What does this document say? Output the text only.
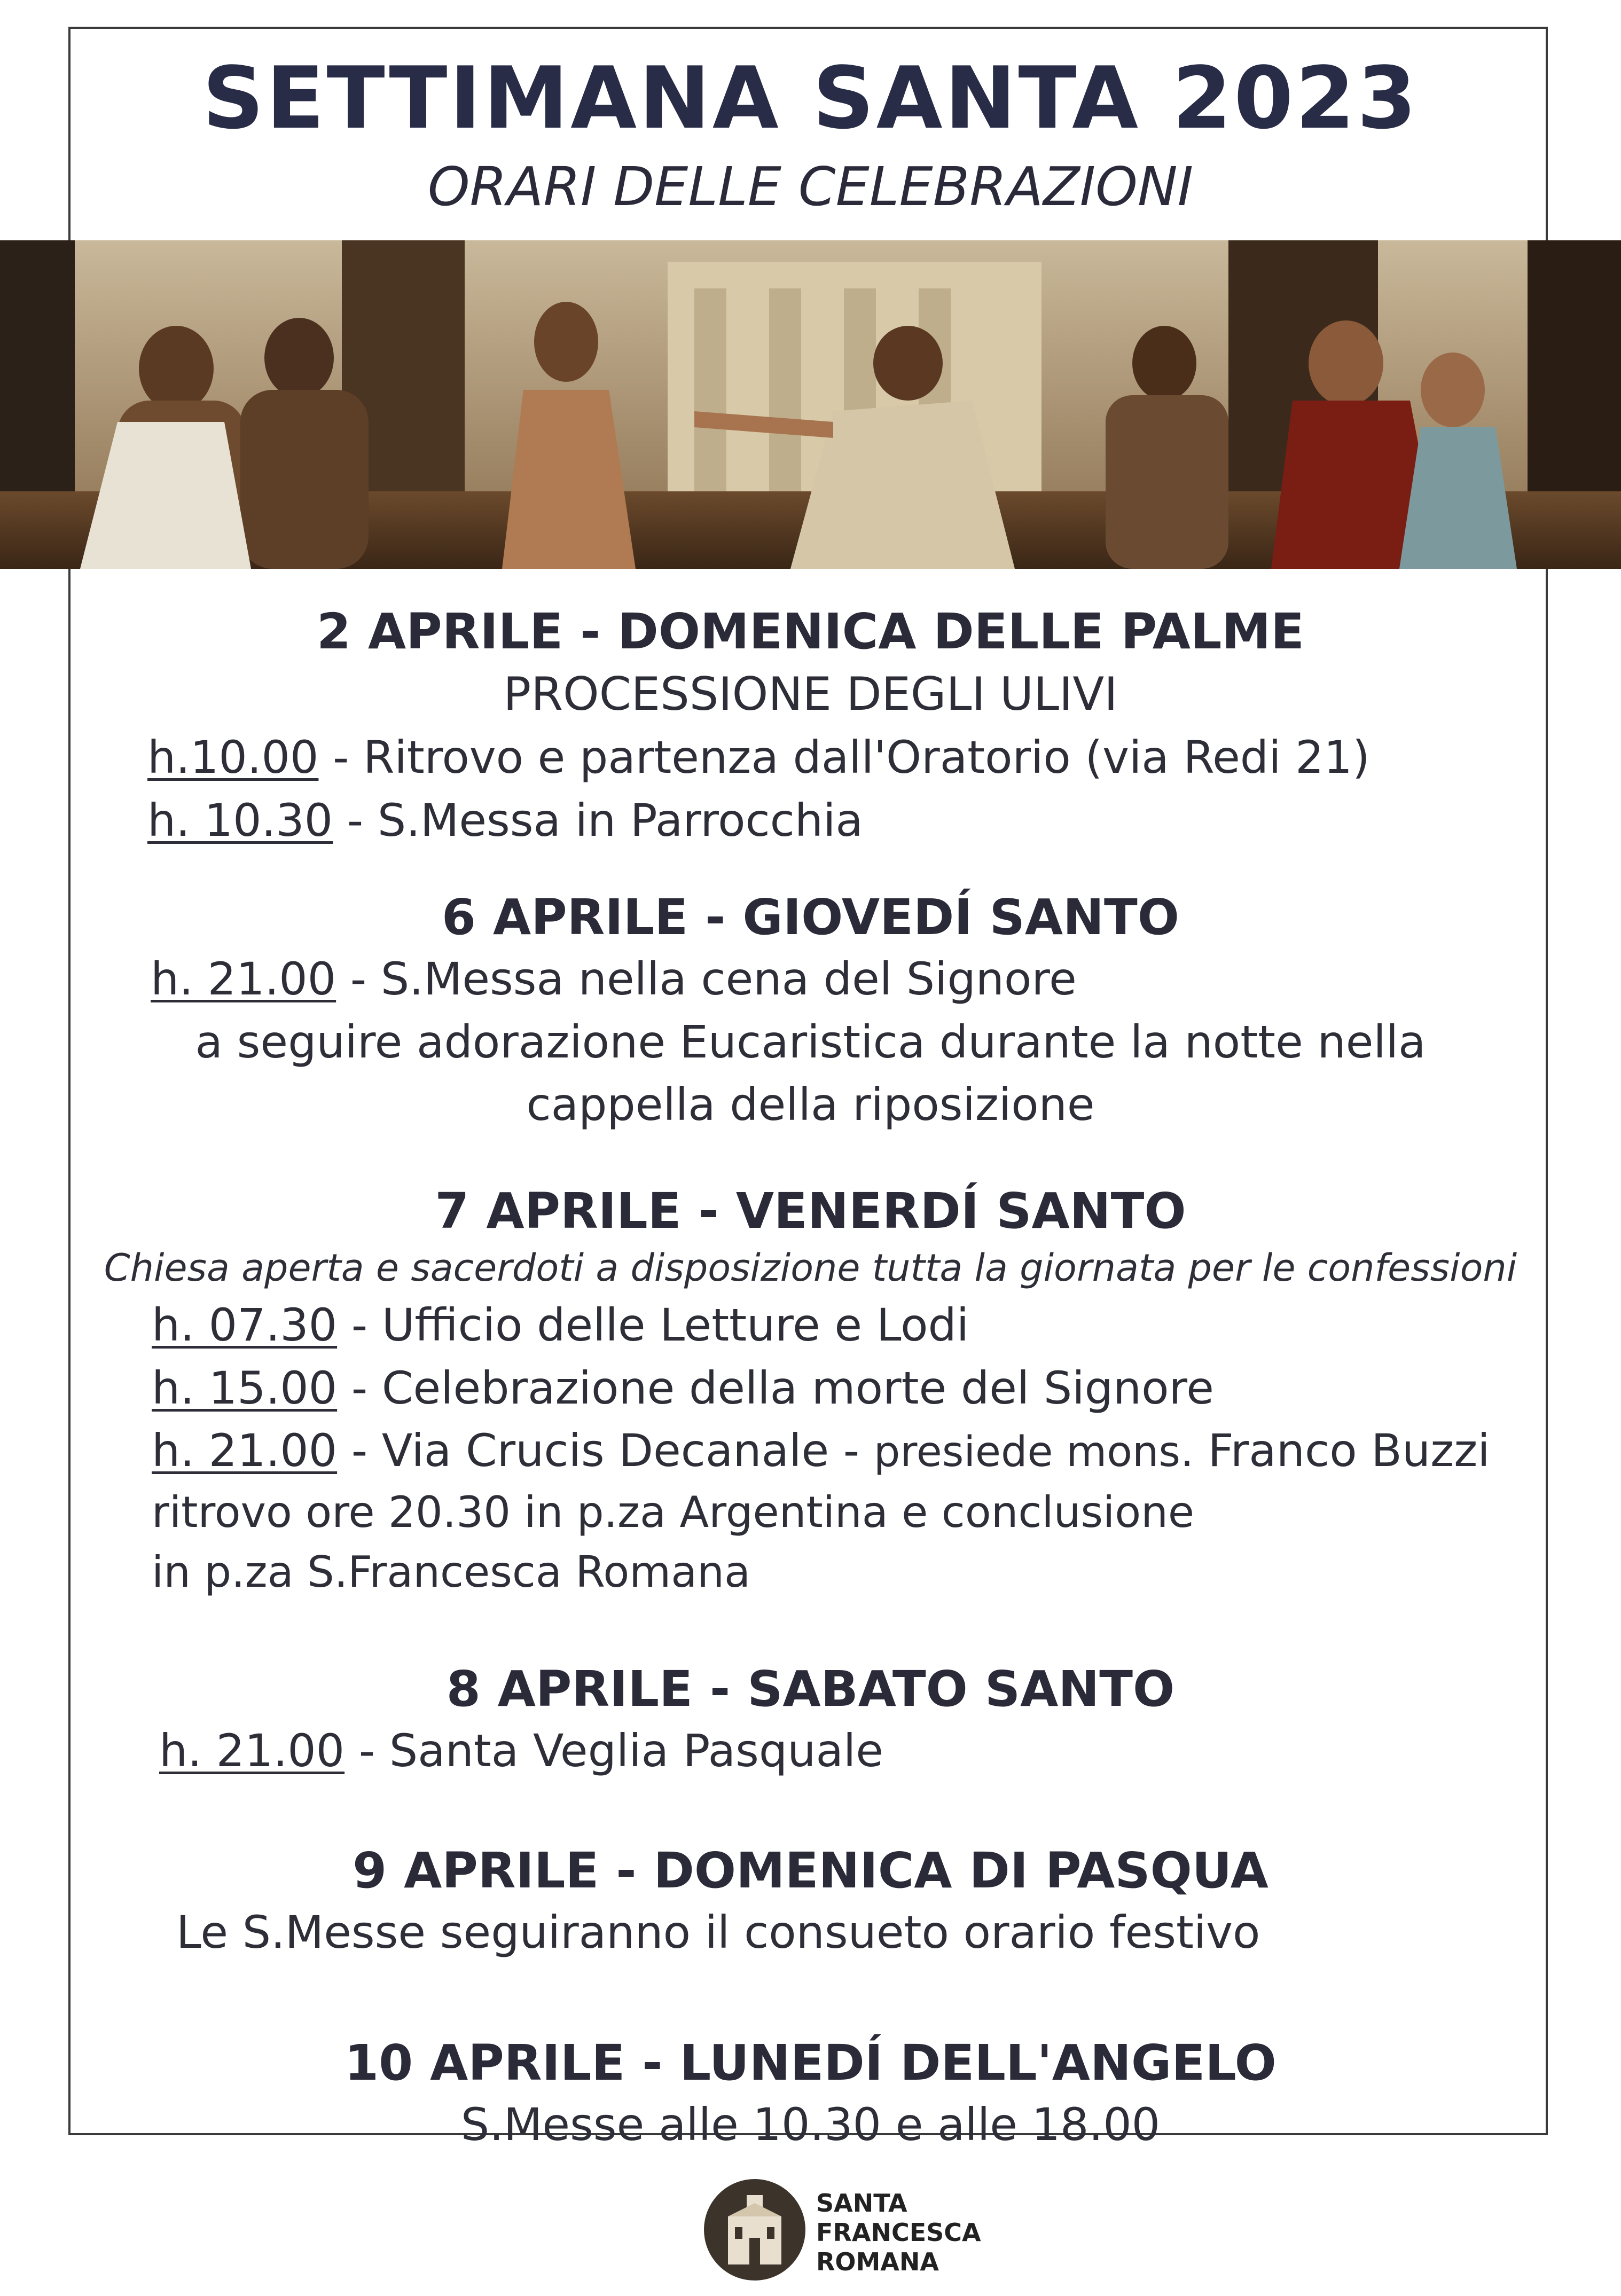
SETTIMANA SANTA 2023
ORARI DELLE CELEBRAZIONI
2 APRILE - DOMENICA DELLE PALME
PROCESSIONE DEGLI ULIVI
h.10.00 - Ritrovo e partenza dall'Oratorio (via Redi 21)
h. 10.30 - S.Messa in Parrocchia
6 APRILE - GIOVEDÍ SANTO
h. 21.00 - S.Messa nella cena del Signore
a seguire adorazione Eucaristica durante la notte nella
cappella della riposizione
7 APRILE - VENERDÍ SANTO
Chiesa aperta e sacerdoti a disposizione tutta la giornata per le confessioni
h. 07.30 - Ufficio delle Letture e Lodi
h. 15.00 - Celebrazione della morte del Signore
h. 21.00 - Via Crucis Decanale - presiede mons. Franco Buzzi
ritrovo ore 20.30 in p.za Argentina e conclusione
in p.za S.Francesca Romana
8 APRILE - SABATO SANTO
h. 21.00 - Santa Veglia Pasquale
9 APRILE - DOMENICA DI PASQUA
Le S.Messe seguiranno il consueto orario festivo
10 APRILE - LUNEDÍ DELL'ANGELO
S.Messe alle 10.30 e alle 18.00
SANTA
FRANCESCA
ROMANA
